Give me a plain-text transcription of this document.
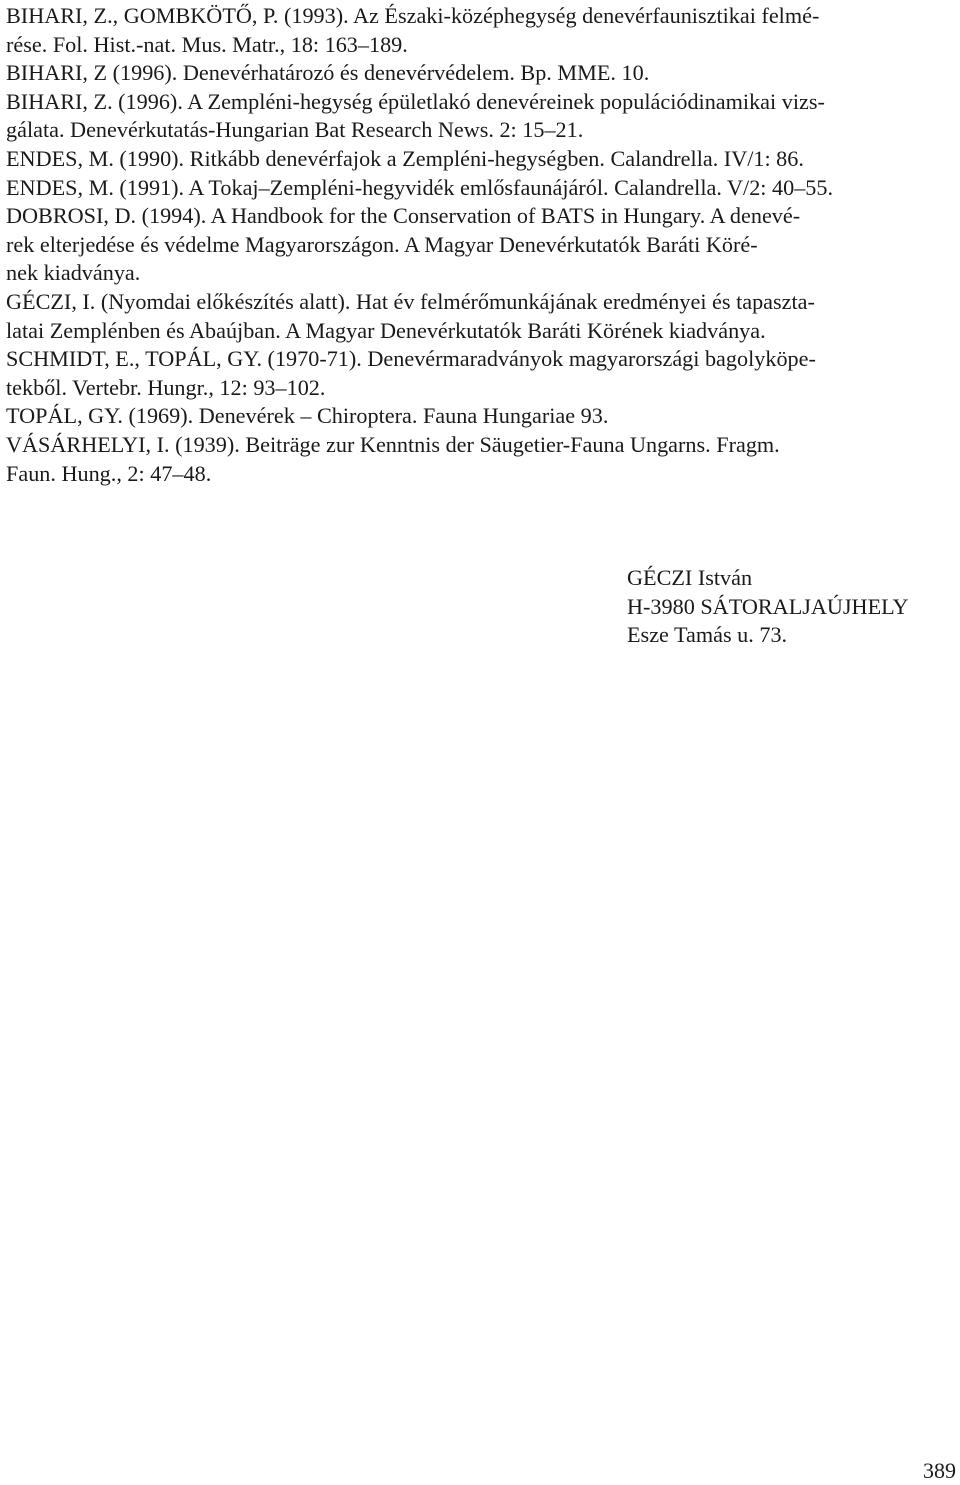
BIHARI, Z., GOMBKÖTŐ, P. (1993). Az Északi-középhegység denevérfaunisztikai felmé-
rése. Fol. Hist.-nat. Mus. Matr., 18: 163–189.
BIHARI, Z (1996). Denevérhatározó és denevérvédelem. Bp. MME. 10.
BIHARI, Z. (1996). A Zempléni-hegység épületlakó denevéreinek populációdinamikai vizs-
gálata. Denevérkutatás-Hungarian Bat Research News. 2: 15–21.
ENDES, M. (1990). Ritkább denevérfajok a Zempléni-hegységben. Calandrella. IV/1: 86.
ENDES, M. (1991). A Tokaj–Zempléni-hegyvidék emlősfaunájáról. Calandrella. V/2: 40–55.
DOBROSI, D. (1994). A Handbook for the Conservation of BATS in Hungary. A denevé-
rek elterjedése és védelme Magyarországon. A Magyar Denevérkutatók Baráti Köré-
nek kiadványa.
GÉCZI, I. (Nyomdai előkészítés alatt). Hat év felmérőmunkájának eredményei és tapaszta-
latai Zemplénben és Abaújban. A Magyar Denevérkutatók Baráti Körének kiadványa.
SCHMIDT, E., TOPÁL, GY. (1970-71). Denevérmaradványok magyarországi bagolyköpe-
tekből. Vertebr. Hungr., 12: 93–102.
TOPÁL, GY. (1969). Denevérek – Chiroptera. Fauna Hungariae 93.
VÁSÁRHELYI, I. (1939). Beiträge zur Kenntnis der Säugetier-Fauna Ungarns. Fragm.
Faun. Hung., 2: 47–48.
GÉCZI István
H-3980 SÁTORALJAÚJHELY
Esze Tamás u. 73.
389
